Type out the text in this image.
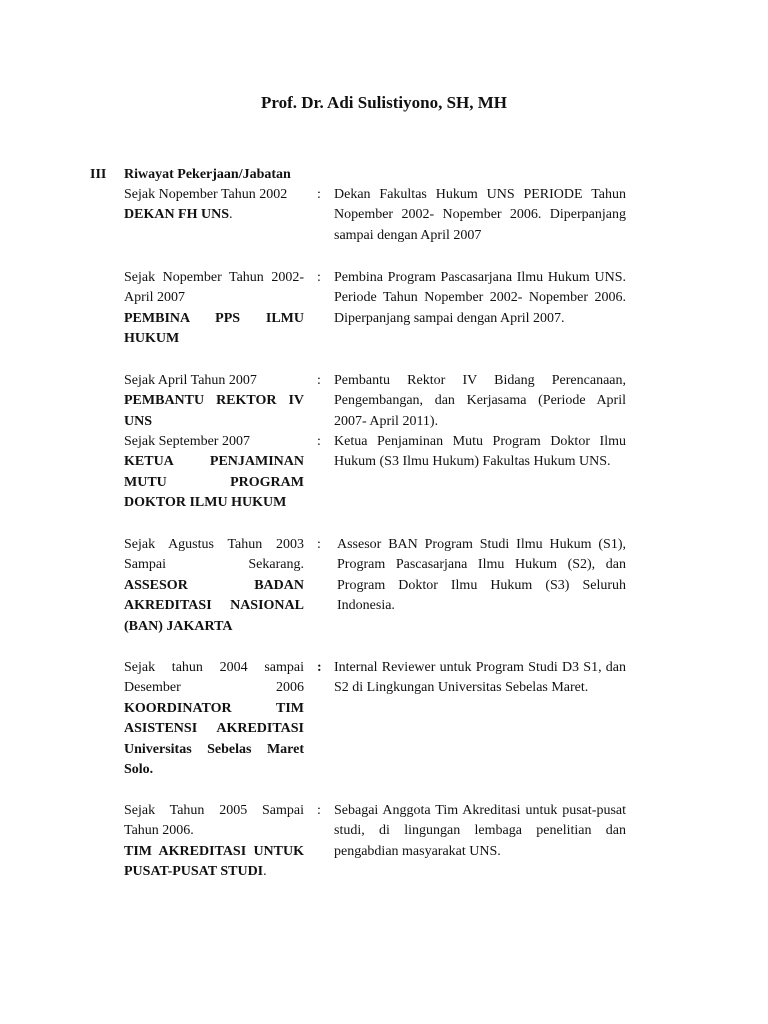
Prof. Dr. Adi Sulistiyono, SH, MH
III Riwayat Pekerjaan/Jabatan
Sejak Nopember Tahun 2002
DEKAN FH UNS.
: Dekan Fakultas Hukum UNS PERIODE Tahun Nopember 2002- Nopember 2006. Diperpanjang sampai dengan April 2007
Sejak Nopember Tahun 2002- April 2007
PEMBINA PPS ILMU HUKUM
: Pembina Program Pascasarjana Ilmu Hukum UNS. Periode Tahun Nopember 2002- Nopember 2006. Diperpanjang sampai dengan April 2007.
Sejak April Tahun 2007
PEMBANTU REKTOR IV UNS
: Pembantu Rektor IV Bidang Perencanaan, Pengembangan, dan Kerjasama (Periode April 2007- April 2011).
Sejak September 2007
KETUA PENJAMINAN MUTU PROGRAM DOKTOR ILMU HUKUM
: Ketua Penjaminan Mutu Program Doktor Ilmu Hukum (S3 Ilmu Hukum) Fakultas Hukum UNS.
Sejak Agustus Tahun 2003 Sampai Sekarang.
ASSESOR BADAN AKREDITASI NASIONAL (BAN) JAKARTA
:	Assesor BAN Program Studi Ilmu Hukum (S1), Program Pascasarjana Ilmu Hukum (S2), dan Program Doktor Ilmu Hukum (S3) Seluruh Indonesia.
Sejak tahun 2004 sampai Desember 2006
KOORDINATOR TIM ASISTENSI AKREDITASI Universitas Sebelas Maret Solo.
: Internal Reviewer untuk Program Studi D3 S1, dan S2 di Lingkungan Universitas Sebelas Maret.
Sejak Tahun 2005 Sampai Tahun 2006.
TIM AKREDITASI UNTUK PUSAT-PUSAT STUDI.
: Sebagai Anggota Tim Akreditasi untuk pusat-pusat studi, di lingungan lembaga penelitian dan pengabdian masyarakat UNS.
